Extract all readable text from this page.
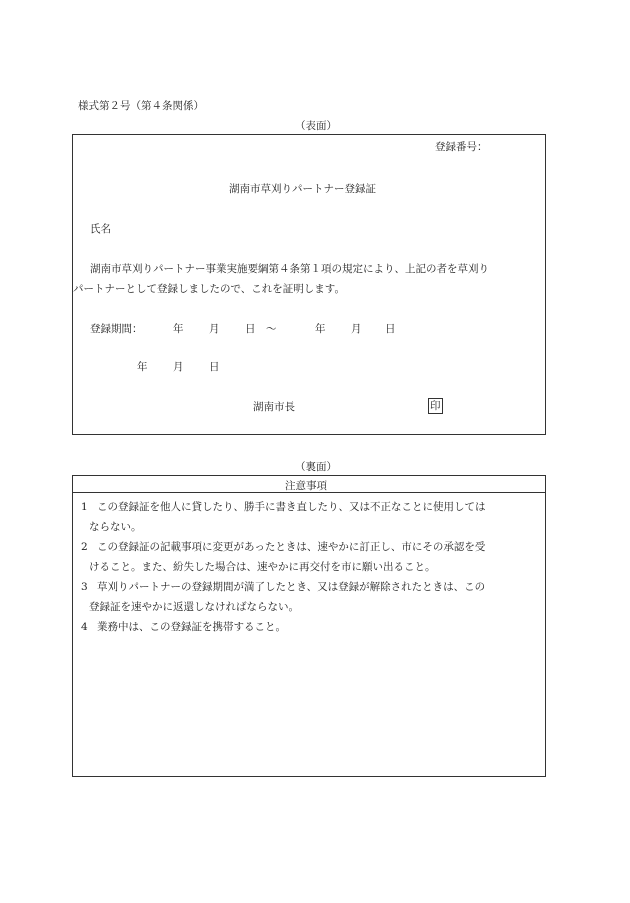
様式第２号（第４条関係）
（表面）
登録番号：
湖南市草刈りパートナー登録証
氏名
湖南市草刈りパートナー事業実施要綱第４条第１項の規定により、上記の者を草刈り
パートナーとして登録しましたので、これを証明します。
登録期間：	年 月 日 ～	年 月 日
年 月 日
湖南市長	印
（裏面）
注意事項
1 この登録証を他人に貸したり、勝手に書き直したり、又は不正なことに使用しては
ならない。
2 この登録証の記載事項に変更があったときは、速やかに訂正し、市にその承認を受
けること。また、紛失した場合は、速やかに再交付を市に願い出ること。
3 草刈りパートナーの登録期間が満了したとき、又は登録が解除されたときは、この
登録証を速やかに返還しなければならない。
4 業務中は、この登録証を携帯すること。
